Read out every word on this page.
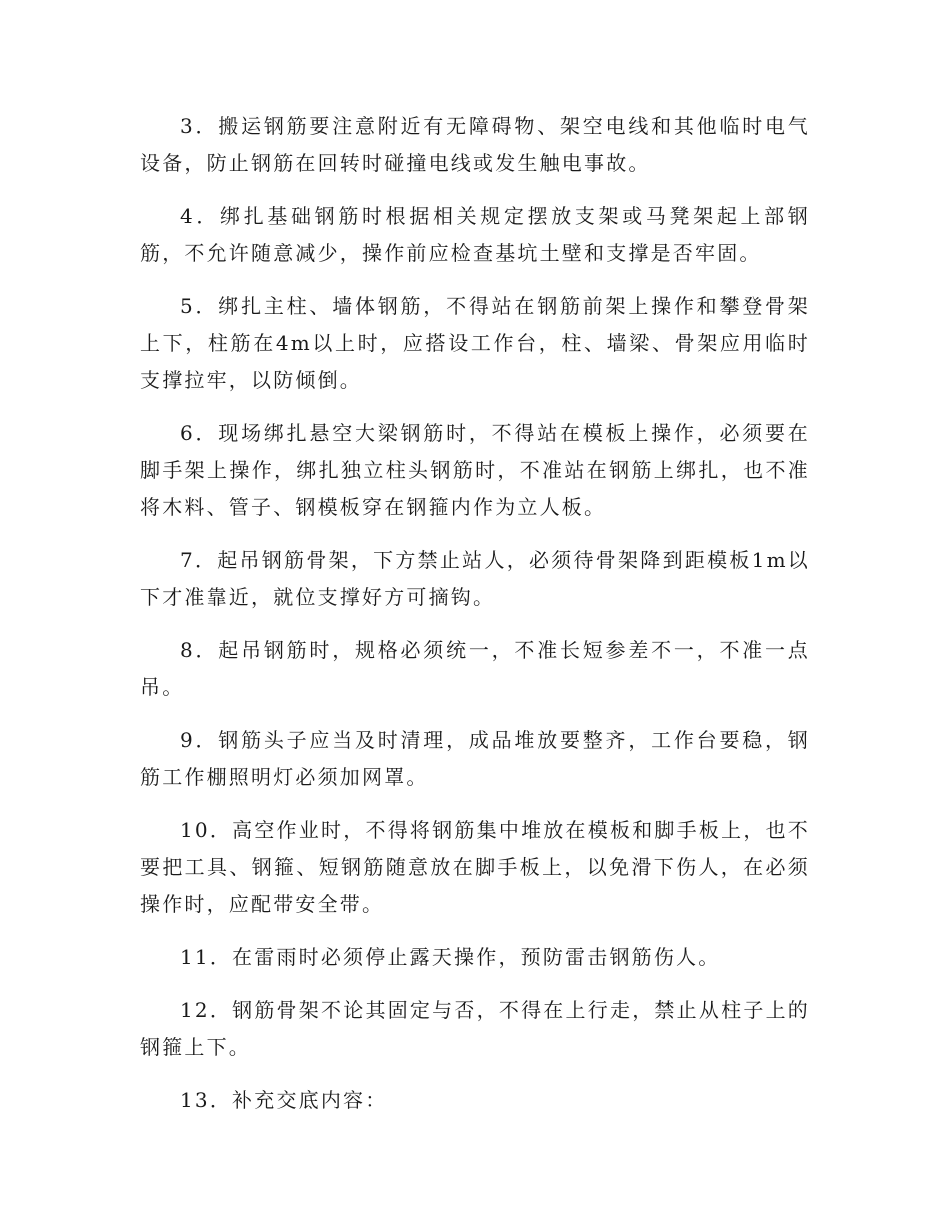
3．搬运钢筋要注意附近有无障碍物、架空电线和其他临时电气设备，防止钢筋在回转时碰撞电线或发生触电事故。

4．绑扎基础钢筋时根据相关规定摆放支架或马凳架起上部钢筋，不允许随意减少，操作前应检查基坑土壁和支撑是否牢固。

5．绑扎主柱、墙体钢筋，不得站在钢筋前架上操作和攀登骨架上下，柱筋在4m以上时，应搭设工作台，柱、墙梁、骨架应用临时支撑拉牢，以防倾倒。

6．现场绑扎悬空大梁钢筋时，不得站在模板上操作，必须要在脚手架上操作，绑扎独立柱头钢筋时，不准站在钢筋上绑扎，也不准将木料、管子、钢模板穿在钢箍内作为立人板。

7．起吊钢筋骨架，下方禁止站人，必须待骨架降到距模板1m以下才准靠近，就位支撑好方可摘钩。

8．起吊钢筋时，规格必须统一，不准长短参差不一，不准一点吊。

9．钢筋头子应当及时清理，成品堆放要整齐，工作台要稳，钢筋工作棚照明灯必须加网罩。

10．高空作业时，不得将钢筋集中堆放在模板和脚手板上，也不要把工具、钢箍、短钢筋随意放在脚手板上，以免滑下伤人，在必须操作时，应配带安全带。

11．在雷雨时必须停止露天操作，预防雷击钢筋伤人。

12．钢筋骨架不论其固定与否，不得在上行走，禁止从柱子上的钢箍上下。

13．补充交底内容：
